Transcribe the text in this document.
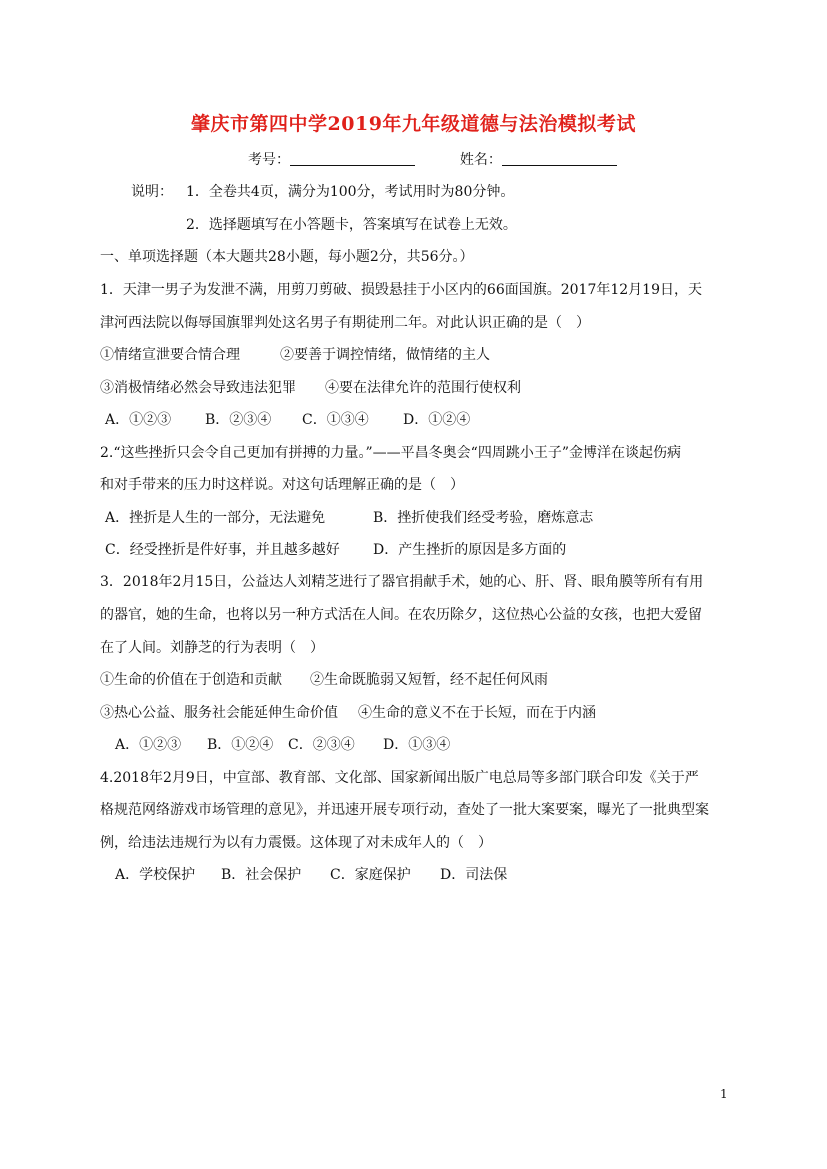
肇庆市第四中学2019年九年级道德与法治模拟考试
考号：	姓名：
说明： 1．全卷共4页，满分为100分，考试用时为80分钟。
2．选择题填写在小答题卡，答案填写在试卷上无效。
一、单项选择题（本大题共28小题，每小题2分，共56分。）
1．天津一男子为发泄不满，用剪刀剪破、损毁悬挂于小区内的66面国旗。2017年12月19日，天
津河西法院以侮辱国旗罪判处这名男子有期徒刑二年。对此认识正确的是（　）
①情绪宣泄要合情合理	②要善于调控情绪，做情绪的主人
③消极情绪必然会导致违法犯罪 ④要在法律允许的范围行使权利
A．①②③ B．②③④ C．①③④ D．①②④
2.“这些挫折只会令自己更加有拼搏的力量。”——平昌冬奥会“四周跳小王子”金博洋在谈起伤病
和对手带来的压力时这样说。对这句话理解正确的是（　）
A．挫折是人生的一部分，无法避免	B．挫折使我们经受考验，磨炼意志
C．经受挫折是件好事，并且越多越好 D．产生挫折的原因是多方面的
3．2018年2月15日，公益达人刘精芝进行了器官捐献手术，她的心、肝、肾、眼角膜等所有有用
的器官，她的生命，也将以另一种方式活在人间。在农历除夕，这位热心公益的女孩，也把大爱留
在了人间。刘静芝的行为表明（　）
①生命的价值在于创造和贡献 ②生命既脆弱又短暂，经不起任何风雨
③热心公益、服务社会能延伸生命价值 ④生命的意义不在于长短，而在于内涵
A．①②③ B．①②④ C．②③④ D．①③④
4.2018年2月9日，中宣部、教育部、文化部、国家新闻出版广电总局等多部门联合印发《关于严
格规范网络游戏市场管理的意见》，并迅速开展专项行动，查处了一批大案要案，曝光了一批典型案
例，给违法违规行为以有力震慑。这体现了对未成年人的（　）
A．学校保护 B．社会保护 C．家庭保护 D．司法保
1
